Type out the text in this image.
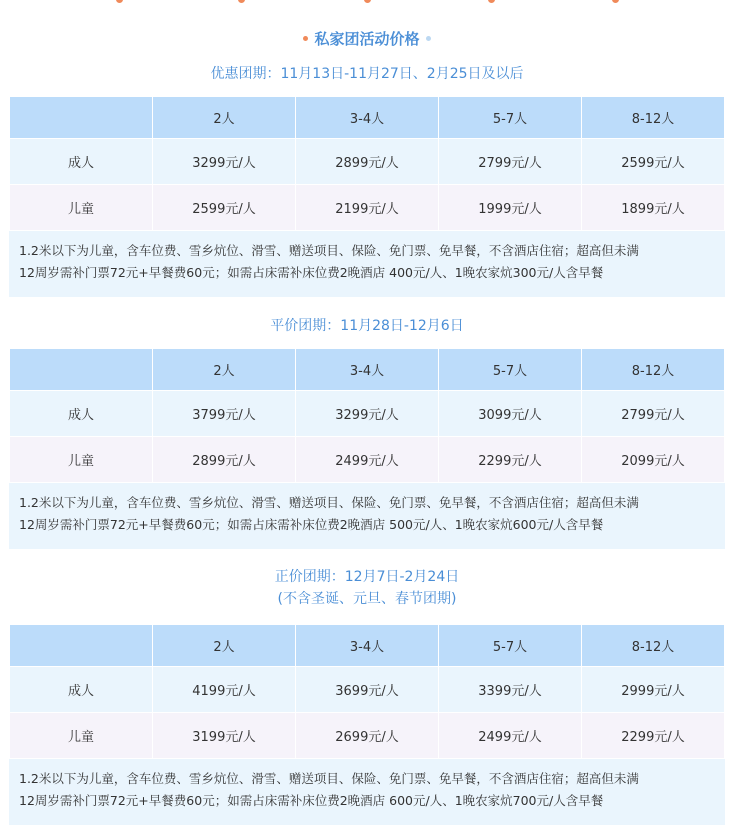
私家团活动价格
优惠团期：11月13日-11月27日、2月25日及以后
	2人	3-4人	5-7人	8-12人
成人	3299元/人	2899元/人	2799元/人	2599元/人
儿童	2599元/人	2199元/人	1999元/人	1899元/人
1.2米以下为儿童，含车位费、雪乡炕位、滑雪、赠送项目、保险、免门票、免早餐，不含酒店住宿；超高但未满
12周岁需补门票72元+早餐费60元；如需占床需补床位费2晚酒店 400元/人、1晚农家炕300元/人含早餐
平价团期：11月28日-12月6日
	2人	3-4人	5-7人	8-12人
成人	3799元/人	3299元/人	3099元/人	2799元/人
儿童	2899元/人	2499元/人	2299元/人	2099元/人
1.2米以下为儿童，含车位费、雪乡炕位、滑雪、赠送项目、保险、免门票、免早餐，不含酒店住宿；超高但未满
12周岁需补门票72元+早餐费60元；如需占床需补床位费2晚酒店 500元/人、1晚农家炕600元/人含早餐
正价团期：12月7日-2月24日
(不含圣诞、元旦、春节团期)
	2人	3-4人	5-7人	8-12人
成人	4199元/人	3699元/人	3399元/人	2999元/人
儿童	3199元/人	2699元/人	2499元/人	2299元/人
1.2米以下为儿童，含车位费、雪乡炕位、滑雪、赠送项目、保险、免门票、免早餐，不含酒店住宿；超高但未满
12周岁需补门票72元+早餐费60元；如需占床需补床位费2晚酒店 600元/人、1晚农家炕700元/人含早餐
